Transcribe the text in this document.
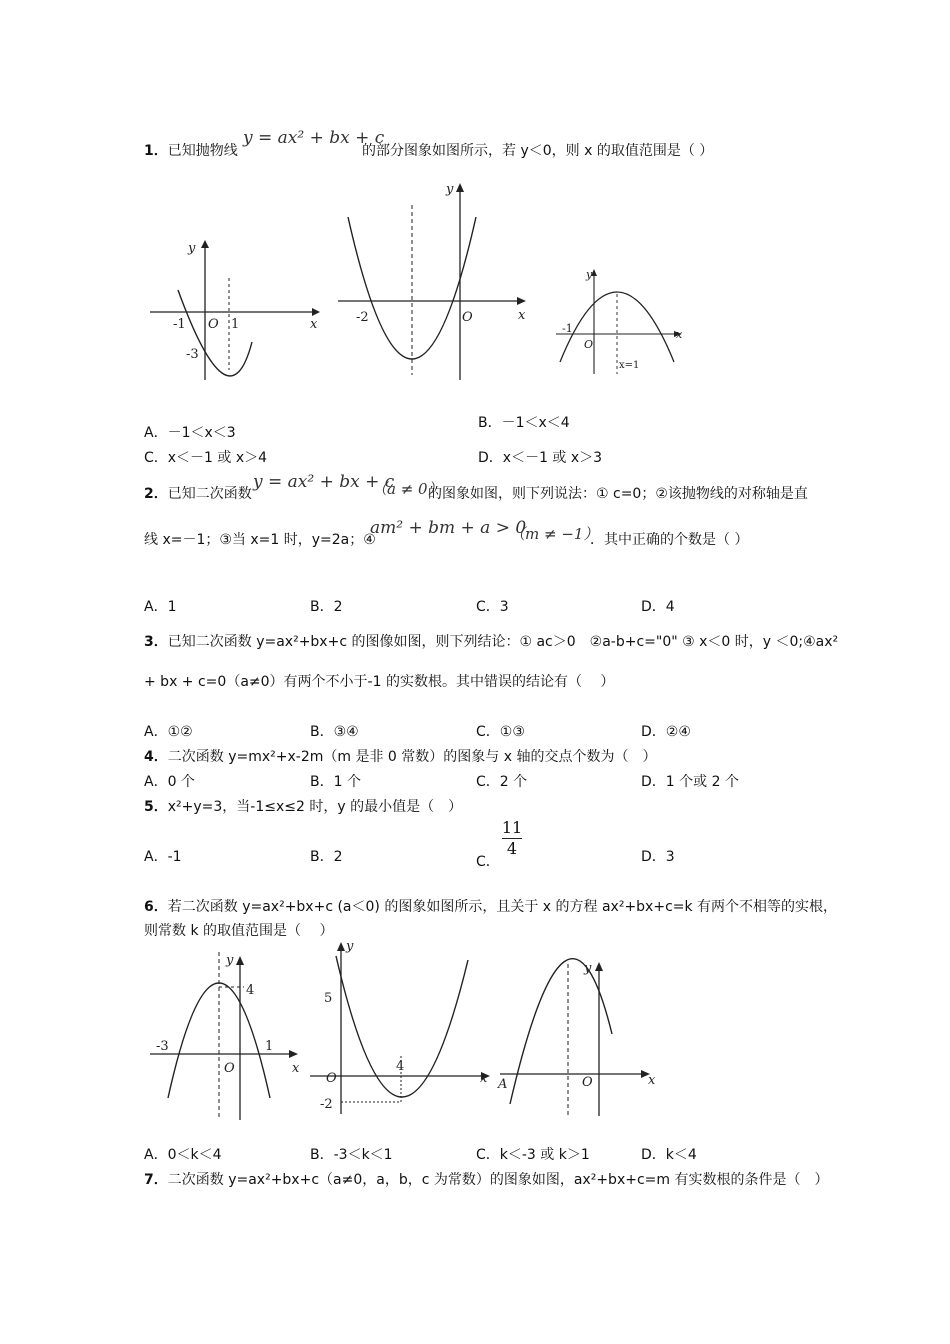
1．已知抛物线
y = ax² + bx + c
的部分图象如图所示，若 y＜0，则 x 的取值范围是（ ）
y
x
O
-1	1
-3
y
x
O
-2
y
x
O
-1
x=1
B．－1＜x＜4
A．－1＜x＜3
C．x＜－1 或 x＞4	D．x＜－1 或 x＞3
2．已知二次函数
y = ax² + bx + c
（a ≠ 0）
的图象如图，则下列说法：① c=0；②该抛物线的对称轴是直
线 x=－1；③当 x=1 时，y=2a；④
am² + bm + a > 0
（m ≠ −1）
．其中正确的个数是（ ）
A．1	B．2	C．3	D．4
3．已知二次函数 y=ax²+bx+c 的图像如图，则下列结论：① ac＞0　②a-b+c="0" ③ x＜0 时，y ＜0;④ax²
+ bx + c=0（a≠0）有两个不小于-1 的实数根。其中错误的结论有（　 ）
A．①②	B．③④	C．①③	D．②④
4．二次函数 y=mx²+x-2m（m 是非 0 常数）的图象与 x 轴的交点个数为（　）
A．0 个	B．1 个	C．2 个	D．1 个或 2 个
5．x²+y=3，当-1≤x≤2 时，y 的最小值是（　）
A．-1	B．2	C．
11
4	D．3
6．若二次函数 y=ax²+bx+c (a＜0) 的图象如图所示，且关于 x 的方程 ax²+bx+c=k 有两个不相等的实根，
则常数 k 的取值范围是（　 ）
y
x
O
-3	1
4
y
x
O
5
4
-2
y
x
O
A
A．0＜k＜4	B．-3＜k＜1	C．k＜-3 或 k＞1	D．k＜4
7．二次函数 y=ax²+bx+c（a≠0，a，b，c 为常数）的图象如图，ax²+bx+c=m 有实数根的条件是（　）
